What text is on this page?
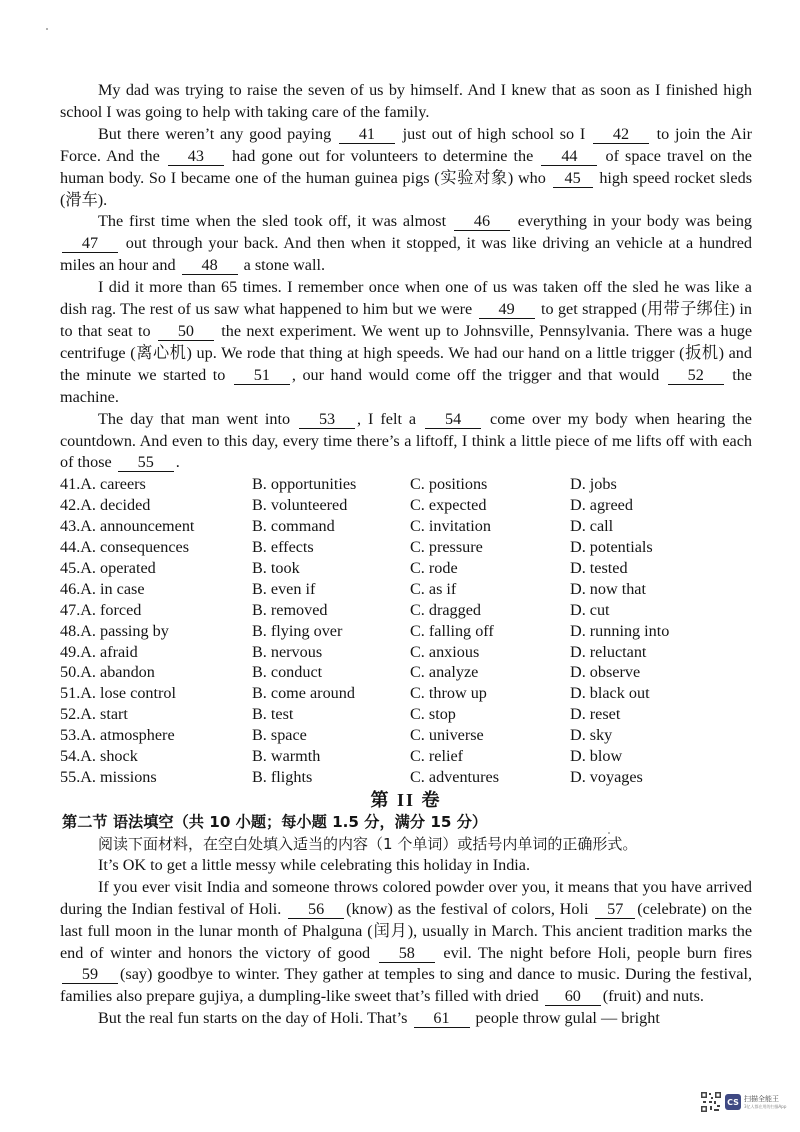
My dad was trying to raise the seven of us by himself. And I knew that as soon as I finished high school I was going to help with taking care of the family.

But there weren’t any good paying 41 just out of high school so I 42 to join the Air Force. And the 43 had gone out for volunteers to determine the 44 of space travel on the human body. So I became one of the human guinea pigs (实验对象) who 45 high speed rocket sleds (滑车).

The first time when the sled took off, it was almost 46 everything in your body was being 47 out through your back. And then when it stopped, it was like driving an vehicle at a hundred miles an hour and 48 a stone wall.

I did it more than 65 times. I remember once when one of us was taken off the sled he was like a dish rag. The rest of us saw what happened to him but we were 49 to get strapped (用带子绑住) in to that seat to 50 the next experiment. We went up to Johnsville, Pennsylvania. There was a huge centrifuge (离心机) up. We rode that thing at high speeds. We had our hand on a little trigger (扳机) and the minute we started to 51 , our hand would come off the trigger and that would 52 the machine.

The day that man went into 53 , I felt a 54 come over my body when hearing the countdown. And even to this day, every time there’s a liftoff, I think a little piece of me lifts off with each of those 55 .

41.A. careers	B. opportunities	C. positions	D. jobs
42.A. decided	B. volunteered	C. expected	D. agreed
43.A. announcement	B. command	C. invitation	D. call
44.A. consequences	B. effects	C. pressure	D. potentials
45.A. operated	B. took	C. rode	D. tested
46.A. in case	B. even if	C. as if	D. now that
47.A. forced	B. removed	C. dragged	D. cut
48.A. passing by	B. flying over	C. falling off	D. running into
49.A. afraid	B. nervous	C. anxious	D. reluctant
50.A. abandon	B. conduct	C. analyze	D. observe
51.A. lose control	B. come around	C. throw up	D. black out
52.A. start	B. test	C. stop	D. reset
53.A. atmosphere	B. space	C. universe	D. sky
54.A. shock	B. warmth	C. relief	D. blow
55.A. missions	B. flights	C. adventures	D. voyages
第 II 卷
第二节 语法填空（共 10 小题；每小题 1.5 分，满分 15 分）
阅读下面材料，在空白处填入适当的内容（1 个单词）或括号内单词的正确形式。

It’s OK to get a little messy while celebrating this holiday in India.

If you ever visit India and someone throws colored powder over you, it means that you have arrived during the Indian festival of Holi. 56 (know) as the festival of colors, Holi 57 (celebrate) on the last full moon in the lunar month of Phalguna (闰月), usually in March. This ancient tradition marks the end of winter and honors the victory of good 58 evil. The night before Holi, people burn fires 59 (say) goodbye to winter. They gather at temples to sing and dance to music. During the festival, families also prepare gujiya, a dumpling-like sweet that’s filled with dried 60 (fruit) and nuts.

But the real fun starts on the day of Holi. That’s 61 people throw gulal — bright

CS 扫描全能王
3亿人都在用的扫描App
